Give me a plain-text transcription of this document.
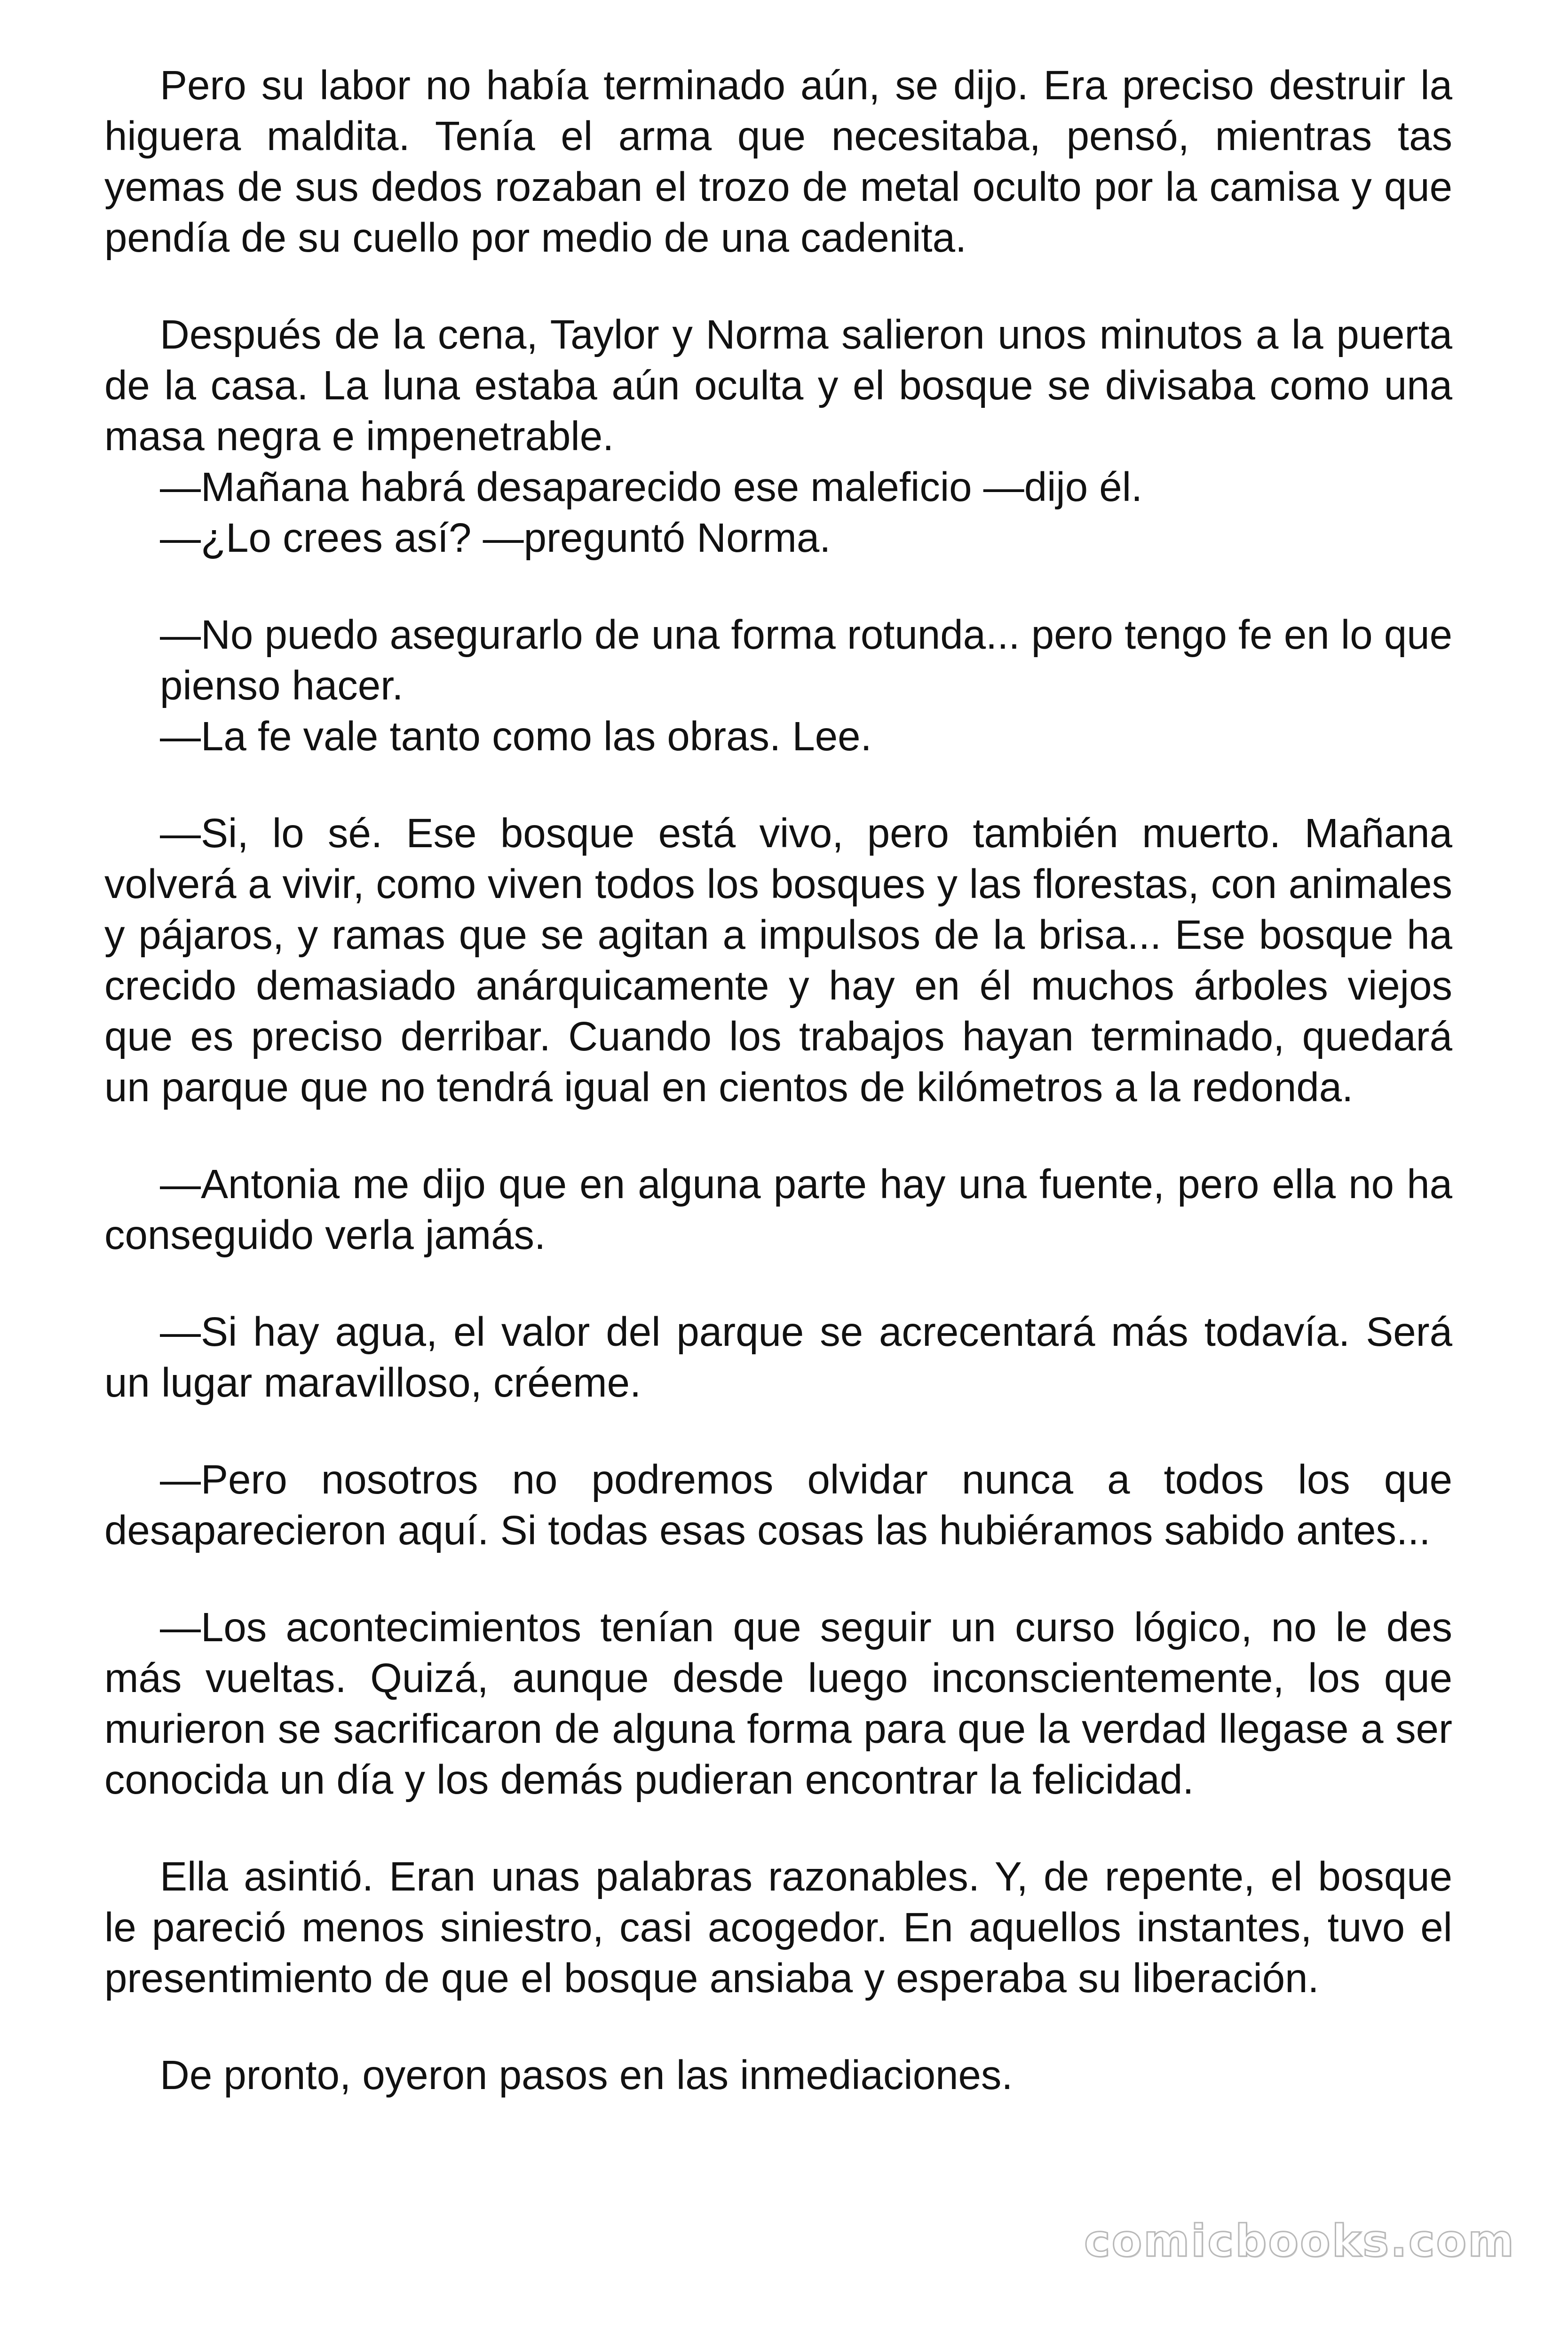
Pero su labor no había terminado aún, se dijo. Era preciso destruir la higuera maldita. Tenía el arma que necesitaba, pensó, mientras tas yemas de sus dedos rozaban el trozo de metal oculto por la camisa y que pendía de su cuello por medio de una cadenita.

Después de la cena, Taylor y Norma salieron unos minutos a la puerta de la casa. La luna estaba aún oculta y el bosque se divisaba como una masa negra e impenetrable.

—Mañana habrá desaparecido ese maleficio —dijo él.

—¿Lo crees así? —preguntó Norma.

—No puedo asegurarlo de una forma rotunda... pero tengo fe en lo que pienso hacer.

—La fe vale tanto como las obras. Lee.

—Si, lo sé. Ese bosque está vivo, pero también muerto. Mañana volverá a vivir, como viven todos los bosques y las florestas, con animales y pájaros, y ramas que se agitan a impulsos de la brisa... Ese bosque ha crecido demasiado anárquicamente y hay en él muchos árboles viejos que es preciso derribar. Cuando los trabajos hayan terminado, quedará un parque que no tendrá igual en cientos de kilómetros a la redonda.

—Antonia me dijo que en alguna parte hay una fuente, pero ella no ha conseguido verla jamás.

—Si hay agua, el valor del parque se acrecentará más todavía. Será un lugar maravilloso, créeme.

—Pero nosotros no podremos olvidar nunca a todos los que desaparecieron aquí. Si todas esas cosas las hubiéramos sabido antes...

—Los acontecimientos tenían que seguir un curso lógico, no le des más vueltas. Quizá, aunque desde luego inconscientemente, los que murieron se sacrificaron de alguna forma para que la verdad llegase a ser conocida un día y los demás pudieran encontrar la felicidad.

Ella asintió. Eran unas palabras razonables. Y, de repente, el bosque le pareció menos siniestro, casi acogedor. En aquellos instantes, tuvo el presentimiento de que el bosque ansiaba y esperaba su liberación.

De pronto, oyeron pasos en las inmediaciones.

comicbooks.com
